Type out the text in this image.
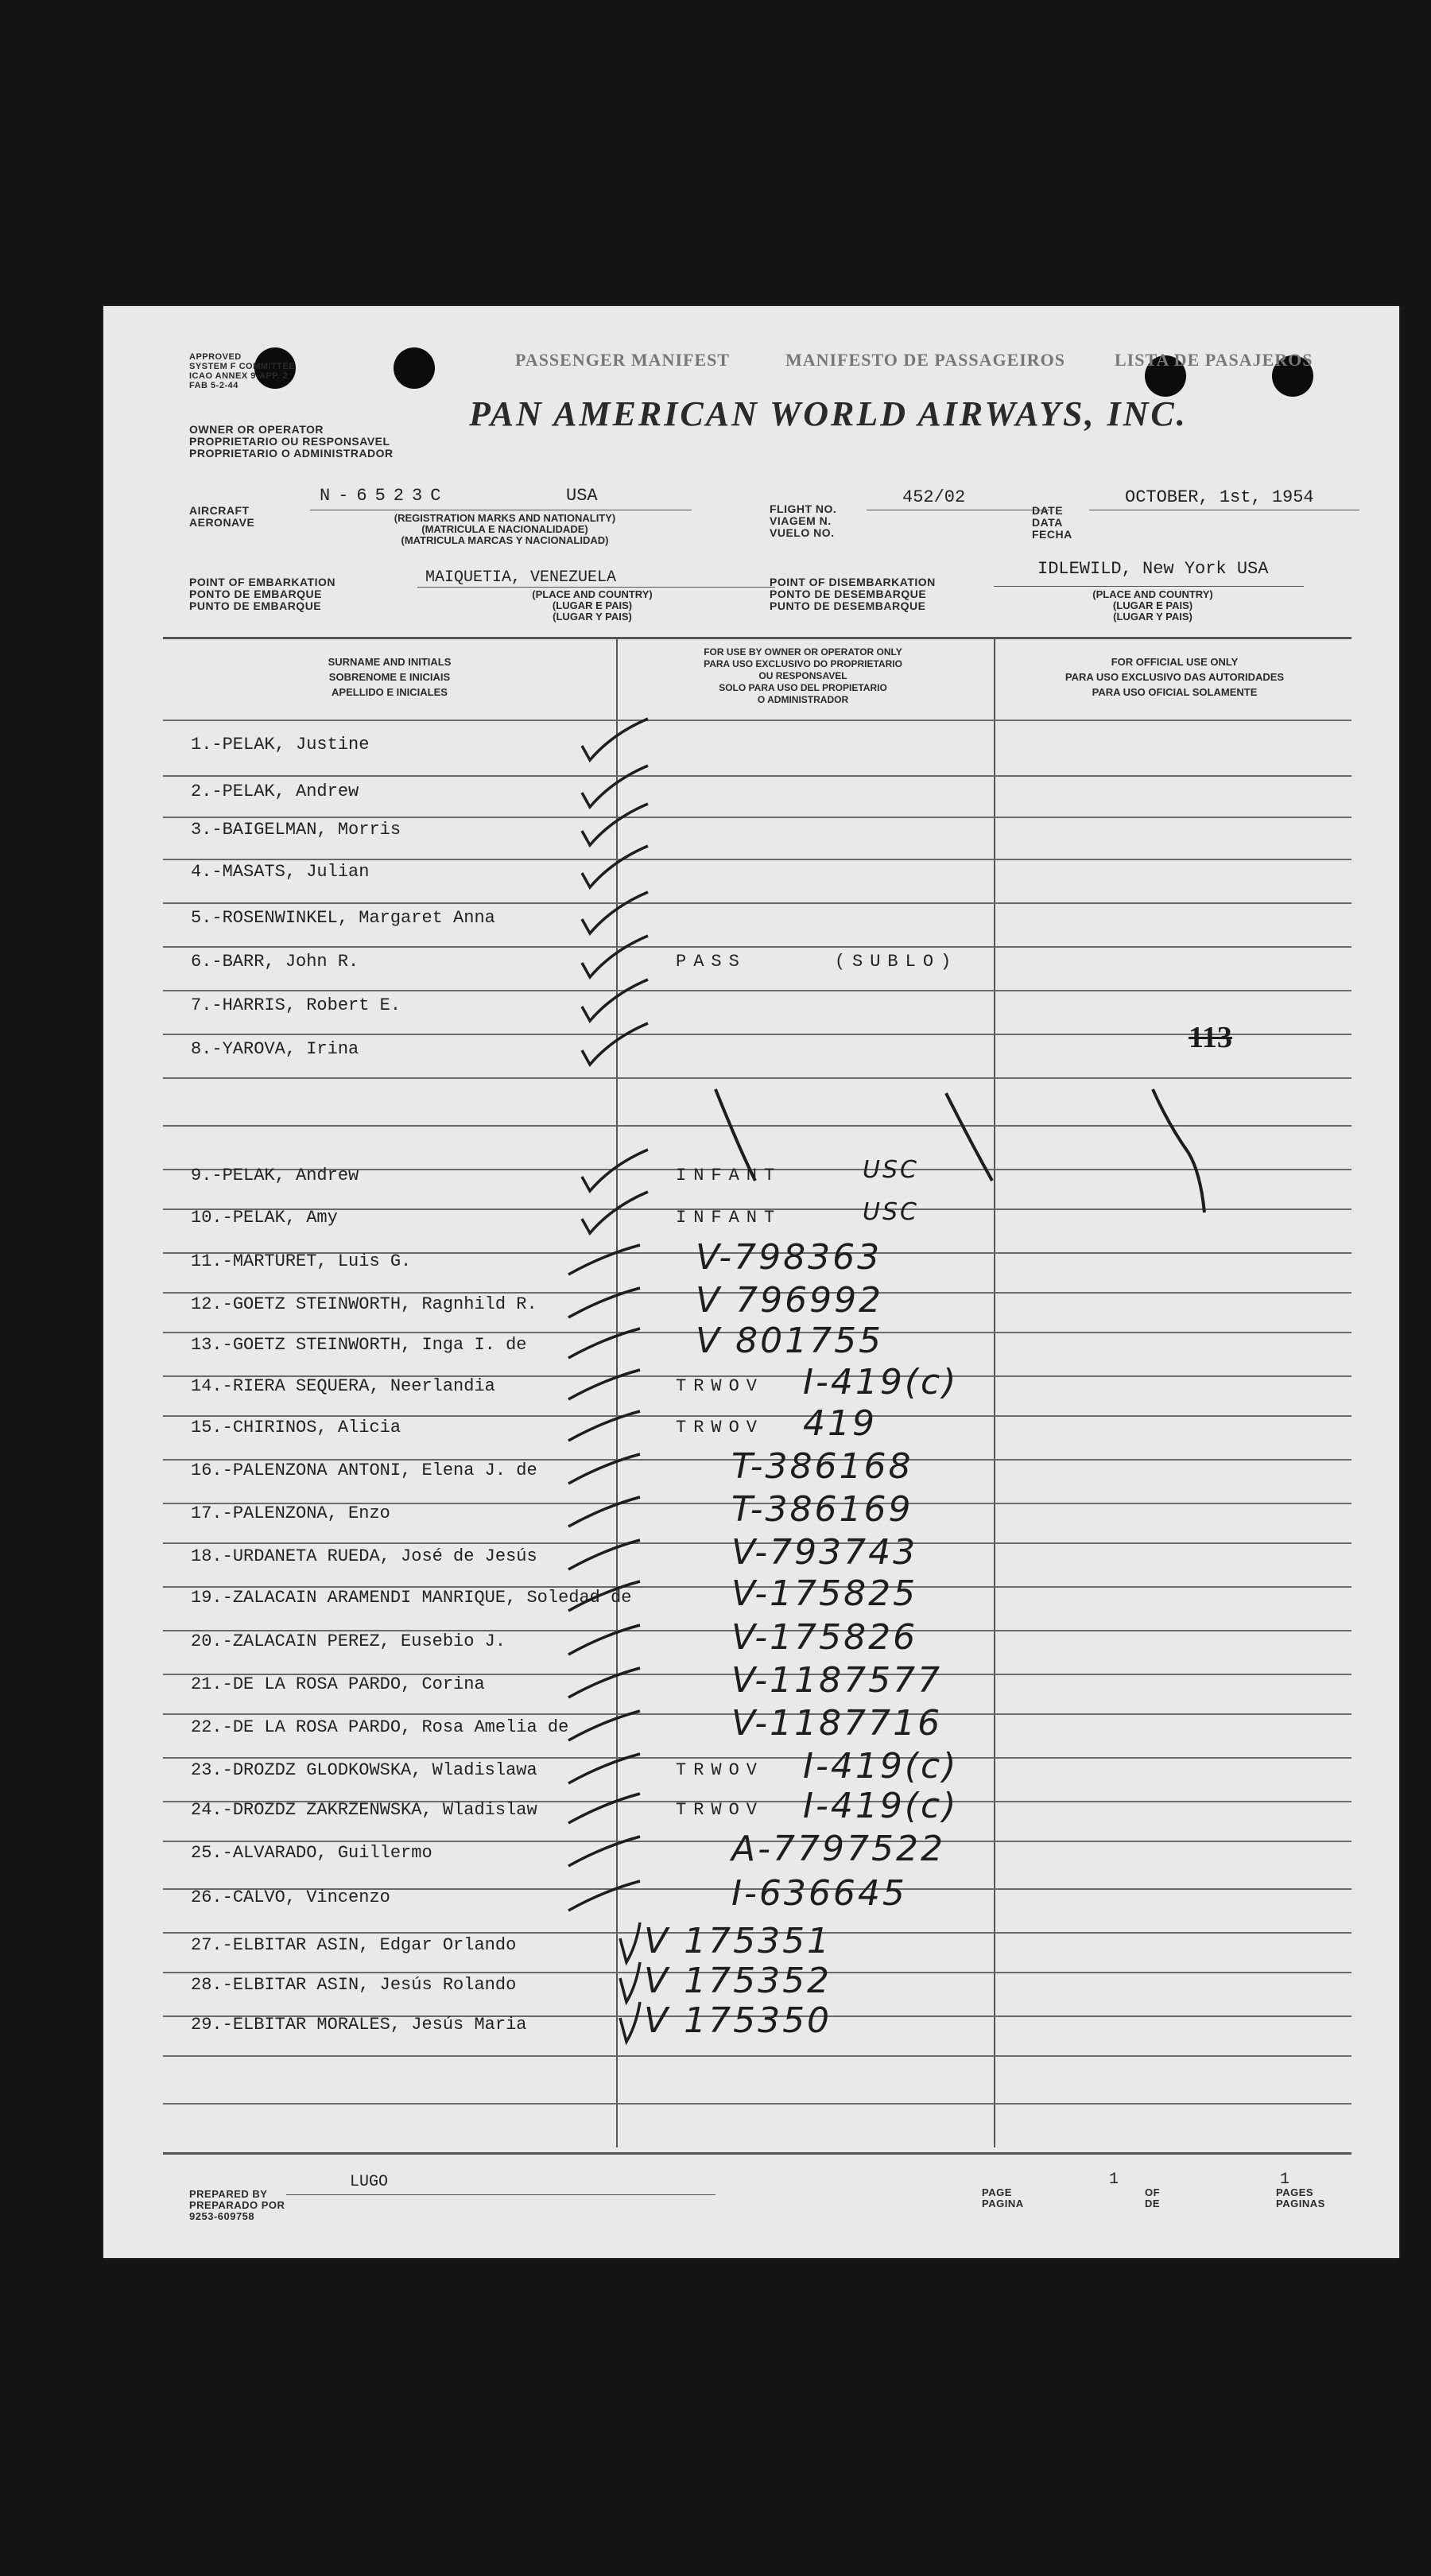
APPROVED
SYSTEM F COMMITTEE
ICAO ANNEX 9-APP. 2
FAB 5-2-44
PASSENGER MANIFEST	MANIFESTO DE PASSAGEIROS	LISTA DE PASAJEROS
OWNER OR OPERATOR
PROPRIETARIO OU RESPONSAVEL
PROPRIETARIO O ADMINISTRADOR
PAN AMERICAN WORLD AIRWAYS, INC.
AIRCRAFT
AERONAVE
N-6523C	USA
(REGISTRATION MARKS AND NATIONALITY)
(MATRICULA E NACIONALIDADE)
(MATRICULA MARCAS Y NACIONALIDAD)
FLIGHT NO.
VIAGEM N.
VUELO NO.
452/02
DATE
DATA
FECHA
OCTOBER, 1st, 1954
POINT OF EMBARKATION
PONTO DE EMBARQUE
PUNTO DE EMBARQUE
MAIQUETIA, VENEZUELA
(PLACE AND COUNTRY)
(LUGAR E PAIS)
(LUGAR Y PAIS)
POINT OF DISEMBARKATION
PONTO DE DESEMBARQUE
PUNTO DE DESEMBARQUE
IDLEWILD, New York USA
(PLACE AND COUNTRY)
(LUGAR E PAIS)
(LUGAR Y PAIS)
SURNAME AND INITIALS
SOBRENOME E INICIAIS
APELLIDO E INICIALES
FOR USE BY OWNER OR OPERATOR ONLY
PARA USO EXCLUSIVO DO PROPRIETARIO
OU RESPONSAVEL
SOLO PARA USO DEL PROPIETARIO
O ADMINISTRADOR
FOR OFFICIAL USE ONLY
PARA USO EXCLUSIVO DAS AUTORIDADES
PARA USO OFICIAL SOLAMENTE
1.-PELAK, Justine
2.-PELAK, Andrew
3.-BAIGELMAN, Morris
4.-MASATS, Julian
5.-ROSENWINKEL, Margaret Anna
6.-BARR, John R.	PASS     (SUBLO)
7.-HARRIS, Robert E.
8.-YAROVA, Irina
9.-PELAK, Andrew	INFANT	USC
10.-PELAK, Amy	INFANT	USC
11.-MARTURET, Luis G.	V-798363
12.-GOETZ STEINWORTH, Ragnhild R.	V 796992
13.-GOETZ STEINWORTH, Inga I. de	V 801755
14.-RIERA SEQUERA, Neerlandia	TRWOV I-419(c)
15.-CHIRINOS, Alicia	TRWOV 419
16.-PALENZONA ANTONI, Elena J. de	T-386168
17.-PALENZONA, Enzo	T-386169
18.-URDANETA RUEDA, José de Jesús	V-793743
19.-ZALACAIN ARAMENDI MANRIQUE, Soledad de	V-175825
20.-ZALACAIN PEREZ, Eusebio J.	V-175826
21.-DE LA ROSA PARDO, Corina	V-1187577
22.-DE LA ROSA PARDO, Rosa Amelia de	V-1187716
23.-DROZDZ GLODKOWSKA, Wladislawa	TRWOV I-419(c)
24.-DROZDZ ZAKRZENWSKA, Wladislaw	TRWOV I-419(c)
25.-ALVARADO, Guillermo	A-7797522
26.-CALVO, Vincenzo	I-636645
27.-ELBITAR ASIN, Edgar Orlando	V 175351
28.-ELBITAR ASIN, Jesús Rolando	V 175352
29.-ELBITAR MORALES, Jesús Maria	V 175350
113
PREPARED BY
PREPARADO POR
9253-609758
LUGO
PAGE
PAGINA
1
OF
DE
1
PAGES
PAGINAS
